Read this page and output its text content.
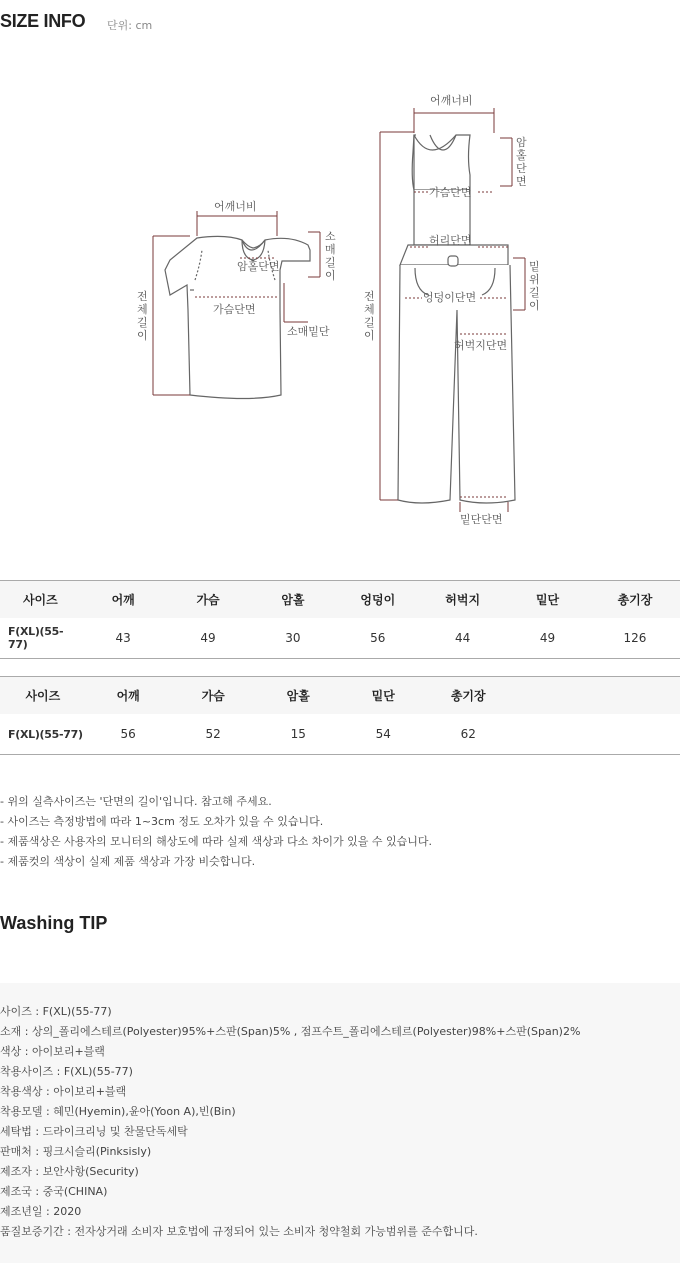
SIZE INFO 단위: cm
어깨너비
암홀단면
가슴단면
소매밑단
소
매
길
이
전
체
길
이
어깨너비
가슴단면
허리단면
엉덩이단면
허벅지단면
밑단단면
암
홀
단
면
밑
위
길
이
전
체
길
이
사이즈	어깨	가슴	암홀	엉덩이	허벅지	밑단	총기장
F(XL)(55-77)	43	49	30	56	44	49	126
사이즈	어깨	가슴	암홀	밑단	총기장		
F(XL)(55-77)	56	52	15	54	62		
- 위의 실측사이즈는 '단면의 길이'입니다. 참고해 주세요.
- 사이즈는 측정방법에 따라 1~3cm 정도 오차가 있을 수 있습니다.
- 제품색상은 사용자의 모니터의 해상도에 따라 실제 색상과 다소 차이가 있을 수 있습니다.
- 제품컷의 색상이 실제 제품 색상과 가장 비슷합니다.
Washing TIP
사이즈 : F(XL)(55-77)
소재 : 상의_폴리에스테르(Polyester)95%+스판(Span)5% , 점프수트_폴리에스테르(Polyester)98%+스판(Span)2%
색상 : 아이보리+블랙
착용사이즈 : F(XL)(55-77)
착용색상 : 아이보리+블랙
착용모델 : 혜민(Hyemin),윤아(Yoon A),빈(Bin)
세탁법 : 드라이크리닝 및 찬물단독세탁
판매처 : 핑크시슬리(Pinksisly)
제조자 : 보안사항(Security)
제조국 : 중국(CHINA)
제조년일 : 2020
품질보증기간 : 전자상거래 소비자 보호법에 규정되어 있는 소비자 청약철회 가능범위를 준수합니다.
